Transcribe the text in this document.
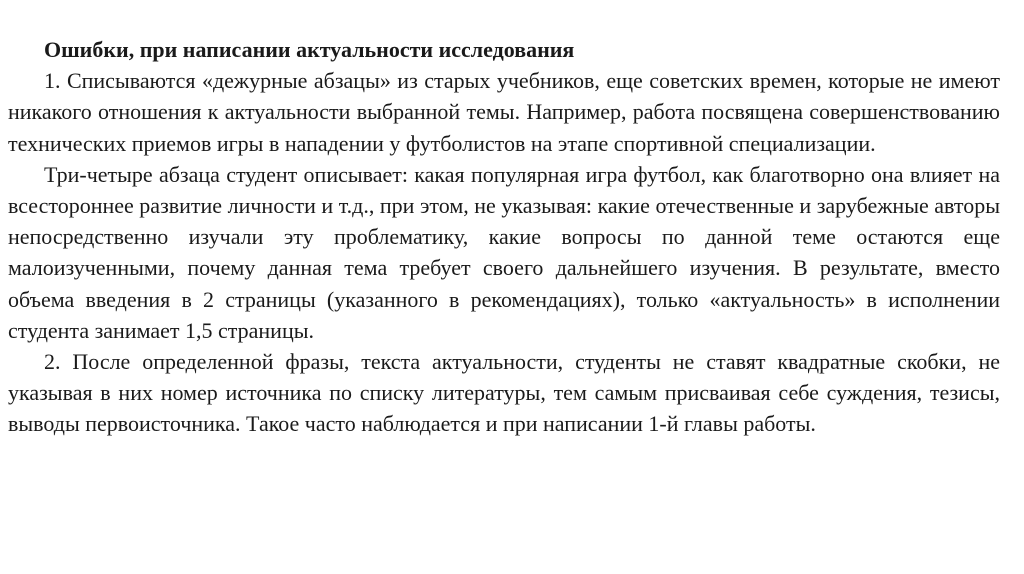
Ошибки, при написании актуальности исследования

1. Списываются «дежурные абзацы» из старых учебников, еще советских времен, которые не имеют никакого отношения к актуальности выбранной темы. Например, работа посвящена совершенствованию технических приемов игры в нападении у футболистов на этапе спортивной специализации.

Три-четыре абзаца студент описывает: какая популярная игра футбол, как благотворно она влияет на всестороннее развитие личности и т.д., при этом, не указывая: какие отечественные и зарубежные авторы непосредственно изучали эту проблематику, какие вопросы по данной теме остаются еще малоизученными, почему данная тема требует своего дальнейшего изучения. В результате, вместо объема введения в 2 страницы (указанного в рекомендациях), только «актуальность» в исполнении студента занимает 1,5 страницы.

2. После определенной фразы, текста актуальности, студенты не ставят квадратные скобки, не указывая в них номер источника по списку литературы, тем самым присваивая себе суждения, тезисы, выводы первоисточника. Такое часто наблюдается и при написании 1-й главы работы.
